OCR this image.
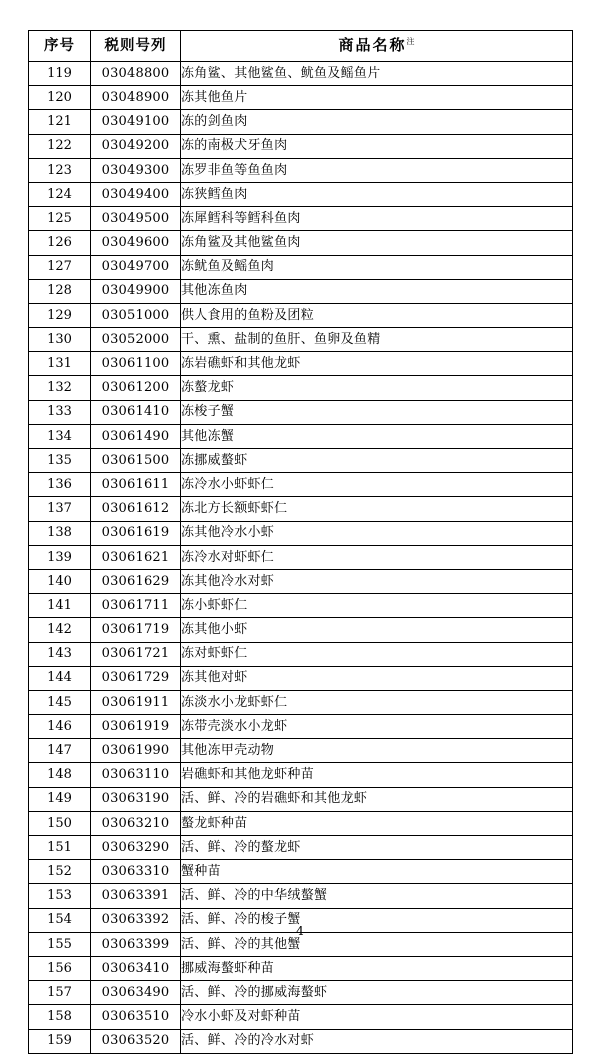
序号	税则号列	商品名称$^注$
119	03048800	冻角鲨、其他鲨鱼、鱿鱼及鳐鱼片
120	03048900	冻其他鱼片
121	03049100	冻的剑鱼肉
122	03049200	冻的南极犬牙鱼肉
123	03049300	冻罗非鱼等鱼鱼肉
124	03049400	冻狭鳕鱼肉
125	03049500	冻犀鳕科等鳕科鱼肉
126	03049600	冻角鲨及其他鲨鱼肉
127	03049700	冻鱿鱼及鳐鱼肉
128	03049900	其他冻鱼肉
129	03051000	供人食用的鱼粉及团粒
130	03052000	干、熏、盐制的鱼肝、鱼卵及鱼精
131	03061100	冻岩礁虾和其他龙虾
132	03061200	冻螯龙虾
133	03061410	冻梭子蟹
134	03061490	其他冻蟹
135	03061500	冻挪威螯虾
136	03061611	冻冷水小虾虾仁
137	03061612	冻北方长额虾虾仁
138	03061619	冻其他冷水小虾
139	03061621	冻冷水对虾虾仁
140	03061629	冻其他冷水对虾
141	03061711	冻小虾虾仁
142	03061719	冻其他小虾
143	03061721	冻对虾虾仁
144	03061729	冻其他对虾
145	03061911	冻淡水小龙虾虾仁
146	03061919	冻带壳淡水小龙虾
147	03061990	其他冻甲壳动物
148	03063110	岩礁虾和其他龙虾种苗
149	03063190	活、鲜、冷的岩礁虾和其他龙虾
150	03063210	螯龙虾种苗
151	03063290	活、鲜、冷的螯龙虾
152	03063310	蟹种苗
153	03063391	活、鲜、冷的中华绒螯蟹
154	03063392	活、鲜、冷的梭子蟹
155	03063399	活、鲜、冷的其他蟹
156	03063410	挪威海螯虾种苗
157	03063490	活、鲜、冷的挪威海螯虾
158	03063510	冷水小虾及对虾种苗
159	03063520	活、鲜、冷的冷水对虾
4
